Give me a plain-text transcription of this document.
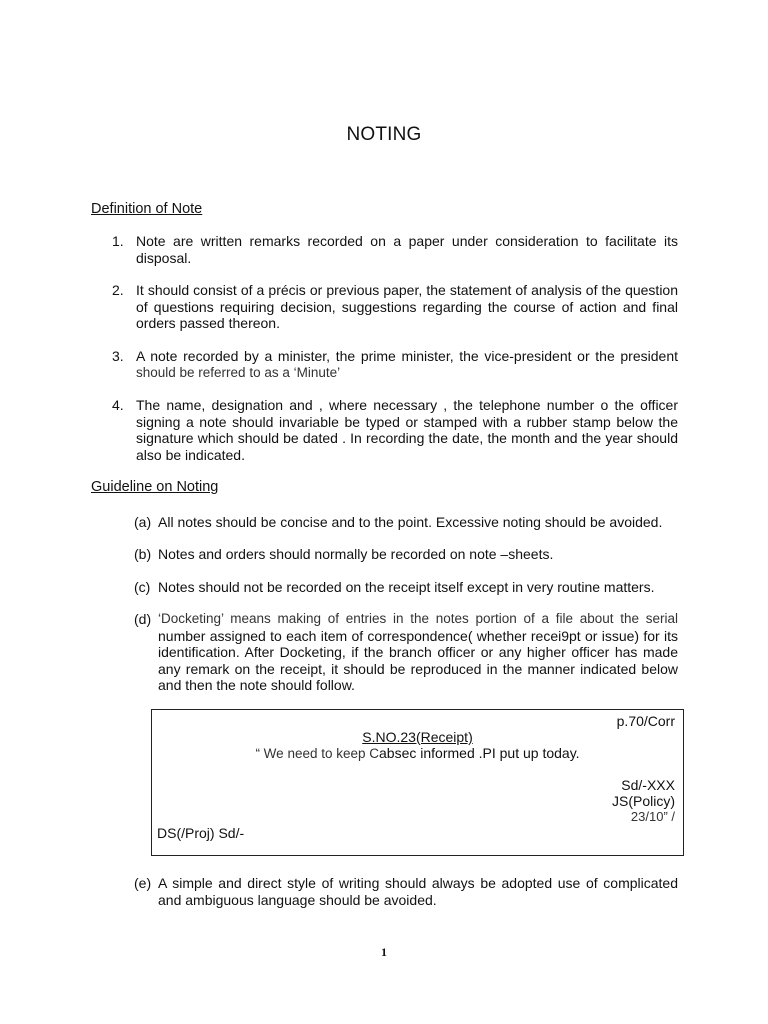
NOTING
Definition of Note
1. Note are written remarks recorded on a paper under consideration to facilitate its disposal.
2. It should consist of a précis or previous paper, the statement of analysis of the question of questions requiring decision, suggestions regarding the course of action and final orders passed thereon.
3. A note recorded by a minister, the prime minister, the vice-president or the president
should be referred to as a ‘Minute’
4. The name, designation and , where necessary , the telephone number o the officer signing a note should invariable be typed or stamped with a rubber stamp below the signature which should be dated . In recording the date, the month and the year should also be indicated.
Guideline on Noting
(a) All notes should be concise and to the point. Excessive noting should be avoided.
(b) Notes and orders should normally be recorded on note –sheets.
(c) Notes should not be recorded on the receipt itself except in very routine matters.
(d) ‘Docketing’ means making of entries in the notes portion of a file about the serial
number assigned to each item of correspondence( whether recei9pt or issue) for its identification. After Docketing, if the branch officer or any higher officer has made any remark on the receipt, it should be reproduced in the manner indicated below and then the note should follow.
p.70/Corr
S.NO.23(Receipt)
“ We need to keep Cabsec informed .PI put up today.
Sd/-XXX
JS(Policy)
23/10” /
DS(/Proj) Sd/-
(e) A simple and direct style of writing should always be adopted use of complicated and ambiguous language should be avoided.
1
